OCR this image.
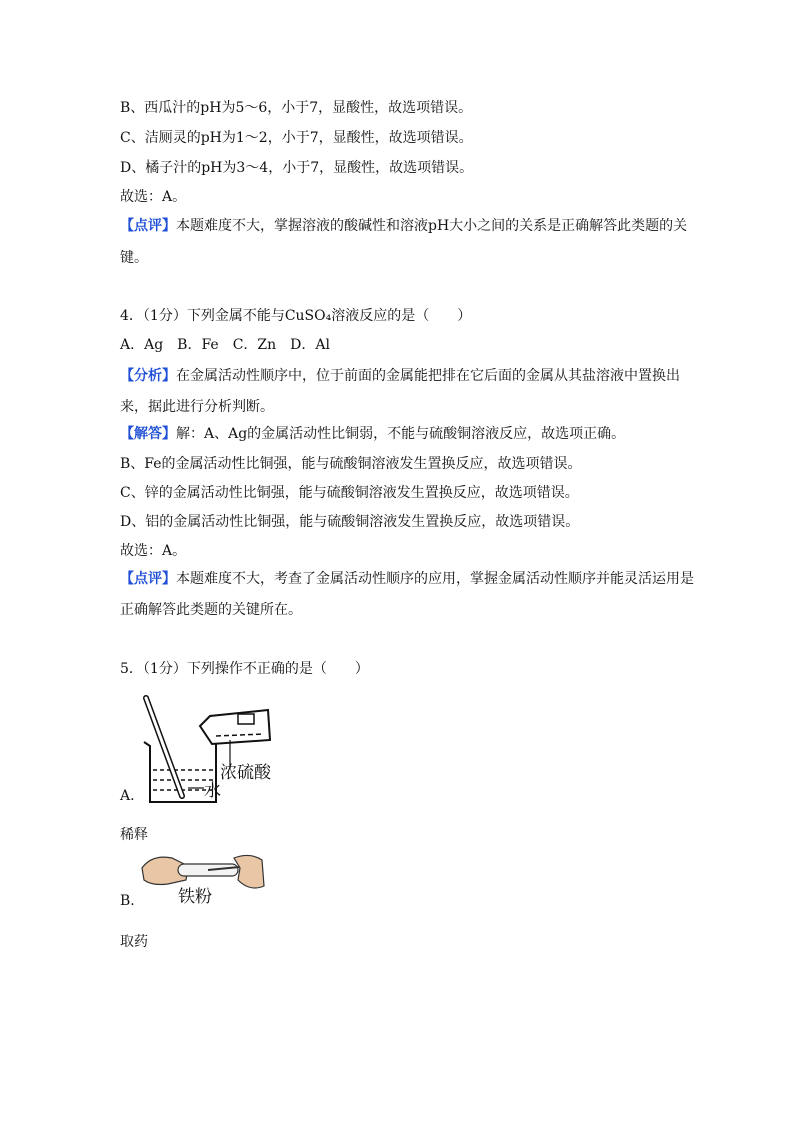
B、西瓜汁的pH为5～6，小于7，显酸性，故选项错误。
C、洁厕灵的pH为1～2，小于7，显酸性，故选项错误。
D、橘子汁的pH为3～4，小于7，显酸性，故选项错误。
故选：A。
【点评】本题难度不大，掌握溶液的酸碱性和溶液pH大小之间的关系是正确解答此类题的关
键。
4．（1分）下列金属不能与CuSO₄溶液反应的是（　　）
A．Ag　B．Fe　C．Zn　D．Al
【分析】在金属活动性顺序中，位于前面的金属能把排在它后面的金属从其盐溶液中置换出
来，据此进行分析判断。
【解答】解：A、Ag的金属活动性比铜弱，不能与硫酸铜溶液反应，故选项正确。
B、Fe的金属活动性比铜强，能与硫酸铜溶液发生置换反应，故选项错误。
C、锌的金属活动性比铜强，能与硫酸铜溶液发生置换反应，故选项错误。
D、铝的金属活动性比铜强，能与硫酸铜溶液发生置换反应，故选项错误。
故选：A。
【点评】本题难度不大，考查了金属活动性顺序的应用，掌握金属活动性顺序并能灵活运用是
正确解答此类题的关键所在。
5．（1分）下列操作不正确的是（　　）
浓硫酸
水
A.
稀释
铁粉
B.
取药
